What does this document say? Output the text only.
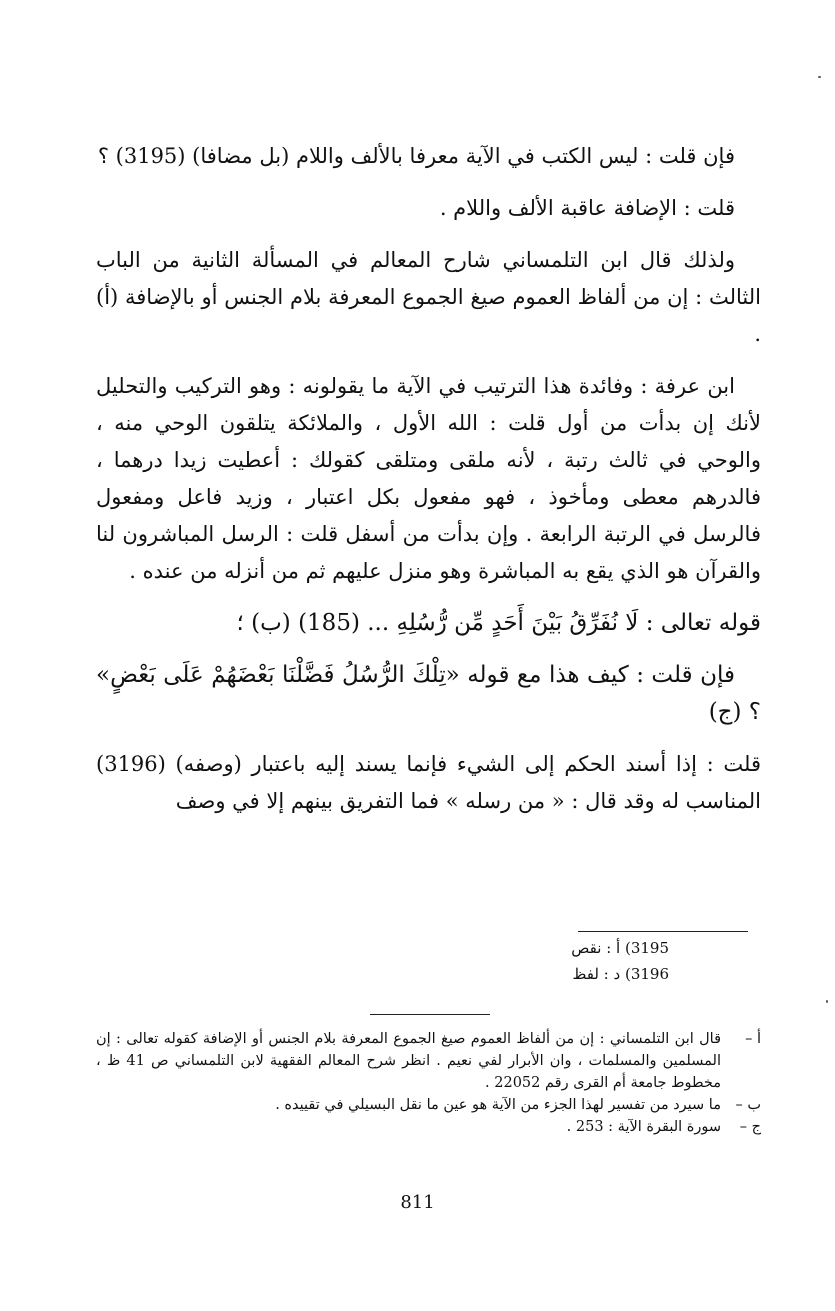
فإن قلت : ليس الكتب في الآية معرفا بالألف واللام (بل مضافا) (3195) ؟

قلت : الإضافة عاقبة الألف واللام .

ولذلك قال ابن التلمساني شارح المعالم في المسألة الثانية من الباب الثالث : إن من ألفاظ العموم صيغ الجموع المعرفة بلام الجنس أو بالإضافة (أ) .

ابن عرفة : وفائدة هذا الترتيب في الآية ما يقولونه : وهو التركيب والتحليل لأنك إن بدأت من أول قلت : الله الأول ، والملائكة يتلقون الوحي منه ، والوحي في ثالث رتبة ، لأنه ملقى ومتلقى كقولك : أعطيت زيدا درهما ، فالدرهم معطى ومأخوذ ، فهو مفعول بكل اعتبار ، وزيد فاعل ومفعول فالرسل في الرتبة الرابعة . وإن بدأت من أسفل قلت : الرسل المباشرون لنا والقرآن هو الذي يقع به المباشرة وهو منزل عليهم ثم من أنزله من عنده .

قوله تعالى : لَا نُفَرِّقُ بَيْنَ أَحَدٍ مِّن رُّسُلِهِ ... (185) (ب) ؛

فإن قلت : كيف هذا مع قوله «تِلْكَ الرُّسُلُ فَضَّلْنَا بَعْضَهُمْ عَلَى بَعْضٍ» ؟ (ج)

قلت : إذا أسند الحكم إلى الشيء فإنما يسند إليه باعتبار (وصفه) (3196) المناسب له وقد قال : « من رسله » فما التفريق بينهم إلا في وصف

3195) أ : نقص

3196) د : لفظ

أ –
قال ابن التلمساني : إن من ألفاظ العموم صيغ الجموع المعرفة بلام الجنس أو الإضافة كقوله تعالى : إن المسلمين والمسلمات ، وان الأبرار لفي نعيم . انظر شرح المعالم الفقهية لابن التلمساني ص 41 ظ ، مخطوط جامعة أم القرى رقم 22052 .
ب –
ما سيرد من تفسير لهذا الجزء من الآية هو عين ما نقل البسيلي في تقييده .
ج –
سورة البقرة الآية : 253 .
811
